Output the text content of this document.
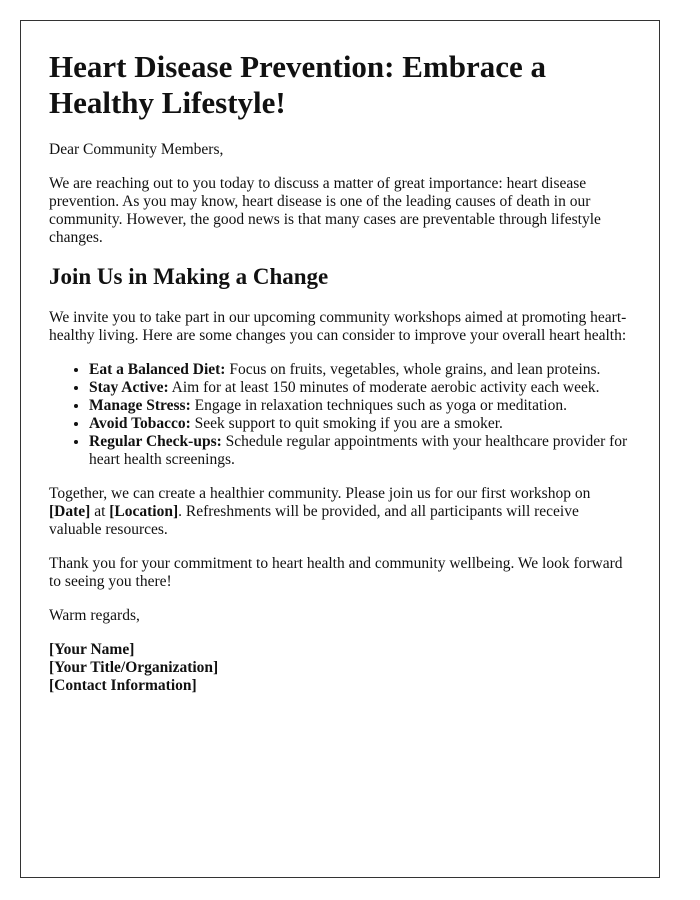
Heart Disease Prevention: Embrace a Healthy Lifestyle!

Dear Community Members,

We are reaching out to you today to discuss a matter of great importance: heart disease prevention. As you may know, heart disease is one of the leading causes of death in our community. However, the good news is that many cases are preventable through lifestyle changes.

Join Us in Making a Change

We invite you to take part in our upcoming community workshops aimed at promoting heart-healthy living. Here are some changes you can consider to improve your overall heart health:

• Eat a Balanced Diet: Focus on fruits, vegetables, whole grains, and lean proteins.
• Stay Active: Aim for at least 150 minutes of moderate aerobic activity each week.
• Manage Stress: Engage in relaxation techniques such as yoga or meditation.
• Avoid Tobacco: Seek support to quit smoking if you are a smoker.
• Regular Check-ups: Schedule regular appointments with your healthcare provider for heart health screenings.

Together, we can create a healthier community. Please join us for our first workshop on [Date] at [Location]. Refreshments will be provided, and all participants will receive valuable resources.

Thank you for your commitment to heart health and community wellbeing. We look forward to seeing you there!

Warm regards,

[Your Name]
[Your Title/Organization]
[Contact Information]
